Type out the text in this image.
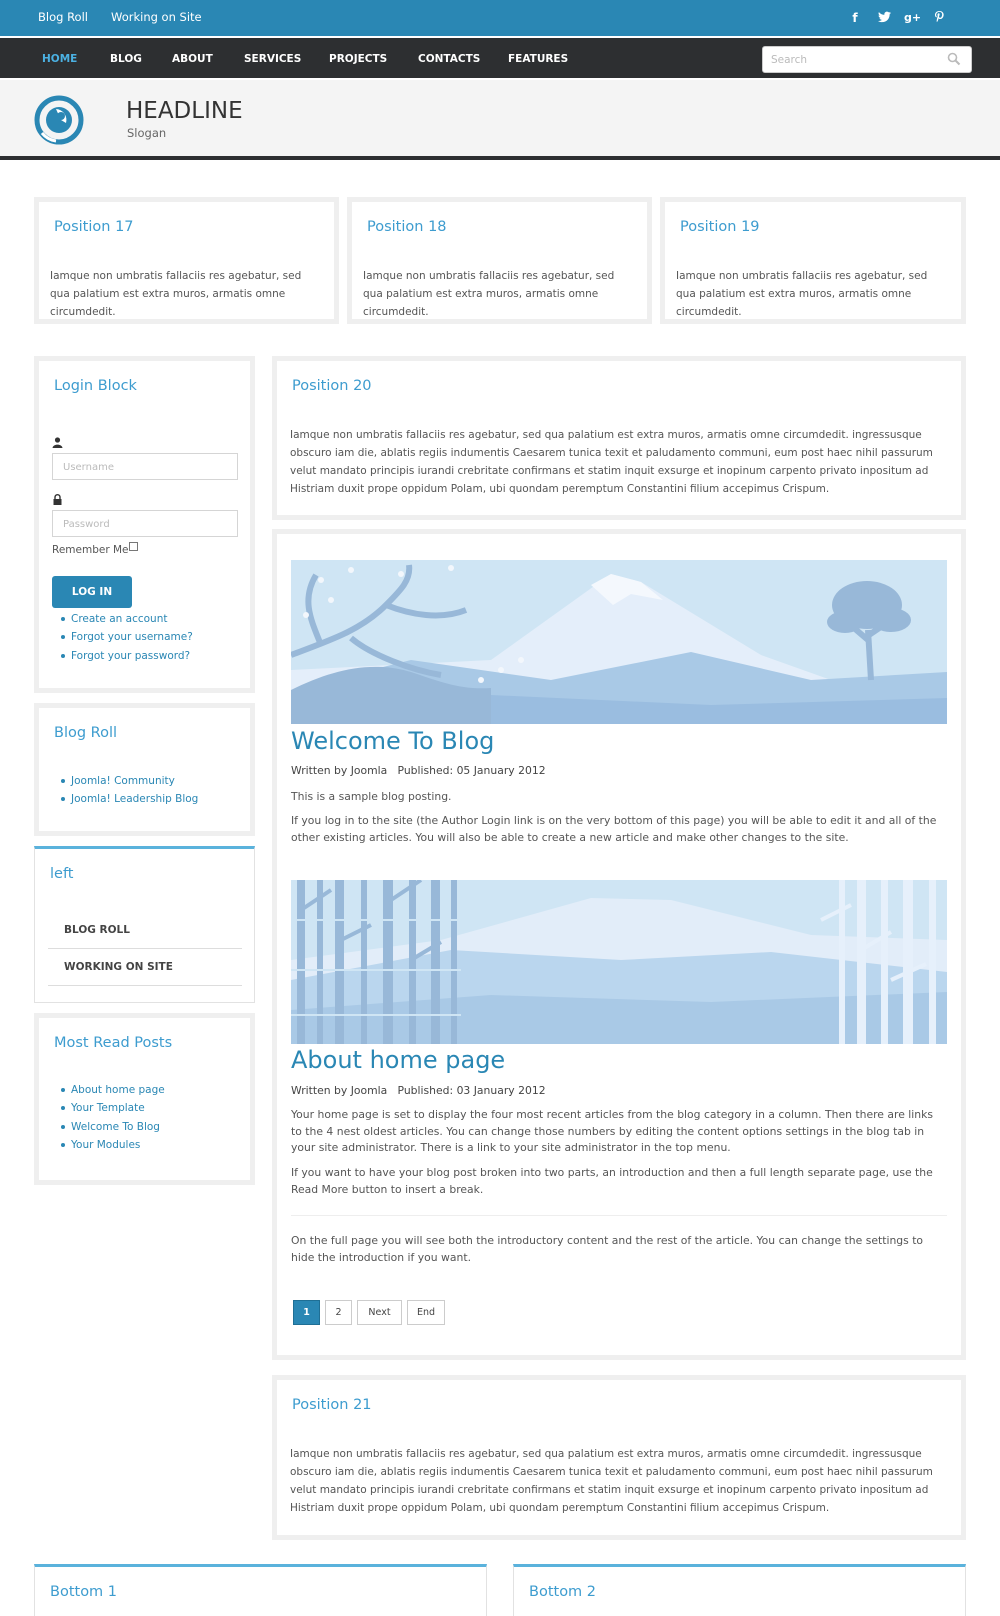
Blog Roll Working on Site	f	g+
HOME	BLOG	ABOUT	SERVICES	PROJECTS	CONTACTS	FEATURES	Search
HEADLINE
Slogan
Position 17
Iamque non umbratis fallaciis res agebatur, sed qua palatium est extra muros, armatis omne circumdedit.
Position 18
Iamque non umbratis fallaciis res agebatur, sed qua palatium est extra muros, armatis omne circumdedit.
Position 19
Iamque non umbratis fallaciis res agebatur, sed qua palatium est extra muros, armatis omne circumdedit.
Login Block
Username
Password
Remember Me
LOG IN
Create an account
Forgot your username?
Forgot your password?
Blog Roll
Joomla! Community
Joomla! Leadership Blog
left
BLOG ROLL
WORKING ON SITE
Most Read Posts
About home page
Your Template
Welcome To Blog
Your Modules
Position 20
Iamque non umbratis fallaciis res agebatur, sed qua palatium est extra muros, armatis omne circumdedit. ingressusque obscuro iam die, ablatis regiis indumentis Caesarem tunica texit et paludamento communi, eum post haec nihil passurum velut mandato principis iurandi crebritate confirmans et statim inquit exsurge et inopinum carpento privato inpositum ad Histriam duxit prope oppidum Polam, ubi quondam peremptum Constantini filium accepimus Crispum.
Welcome To Blog
Written by Joomla Published: 05 January 2012
This is a sample blog posting.
If you log in to the site (the Author Login link is on the very bottom of this page) you will be able to edit it and all of the other existing articles. You will also be able to create a new article and make other changes to the site.
About home page
Written by Joomla Published: 03 January 2012
Your home page is set to display the four most recent articles from the blog category in a column. Then there are links to the 4 nest oldest articles. You can change those numbers by editing the content options settings in the blog tab in your site administrator. There is a link to your site administrator in the top menu.
If you want to have your blog post broken into two parts, an introduction and then a full length separate page, use the Read More button to insert a break.
On the full page you will see both the introductory content and the rest of the article. You can change the settings to hide the introduction if you want.
1	2	Next	End
Position 21
Iamque non umbratis fallaciis res agebatur, sed qua palatium est extra muros, armatis omne circumdedit. ingressusque obscuro iam die, ablatis regiis indumentis Caesarem tunica texit et paludamento communi, eum post haec nihil passurum velut mandato principis iurandi crebritate confirmans et statim inquit exsurge et inopinum carpento privato inpositum ad Histriam duxit prope oppidum Polam, ubi quondam peremptum Constantini filium accepimus Crispum.
Bottom 1	Bottom 2
